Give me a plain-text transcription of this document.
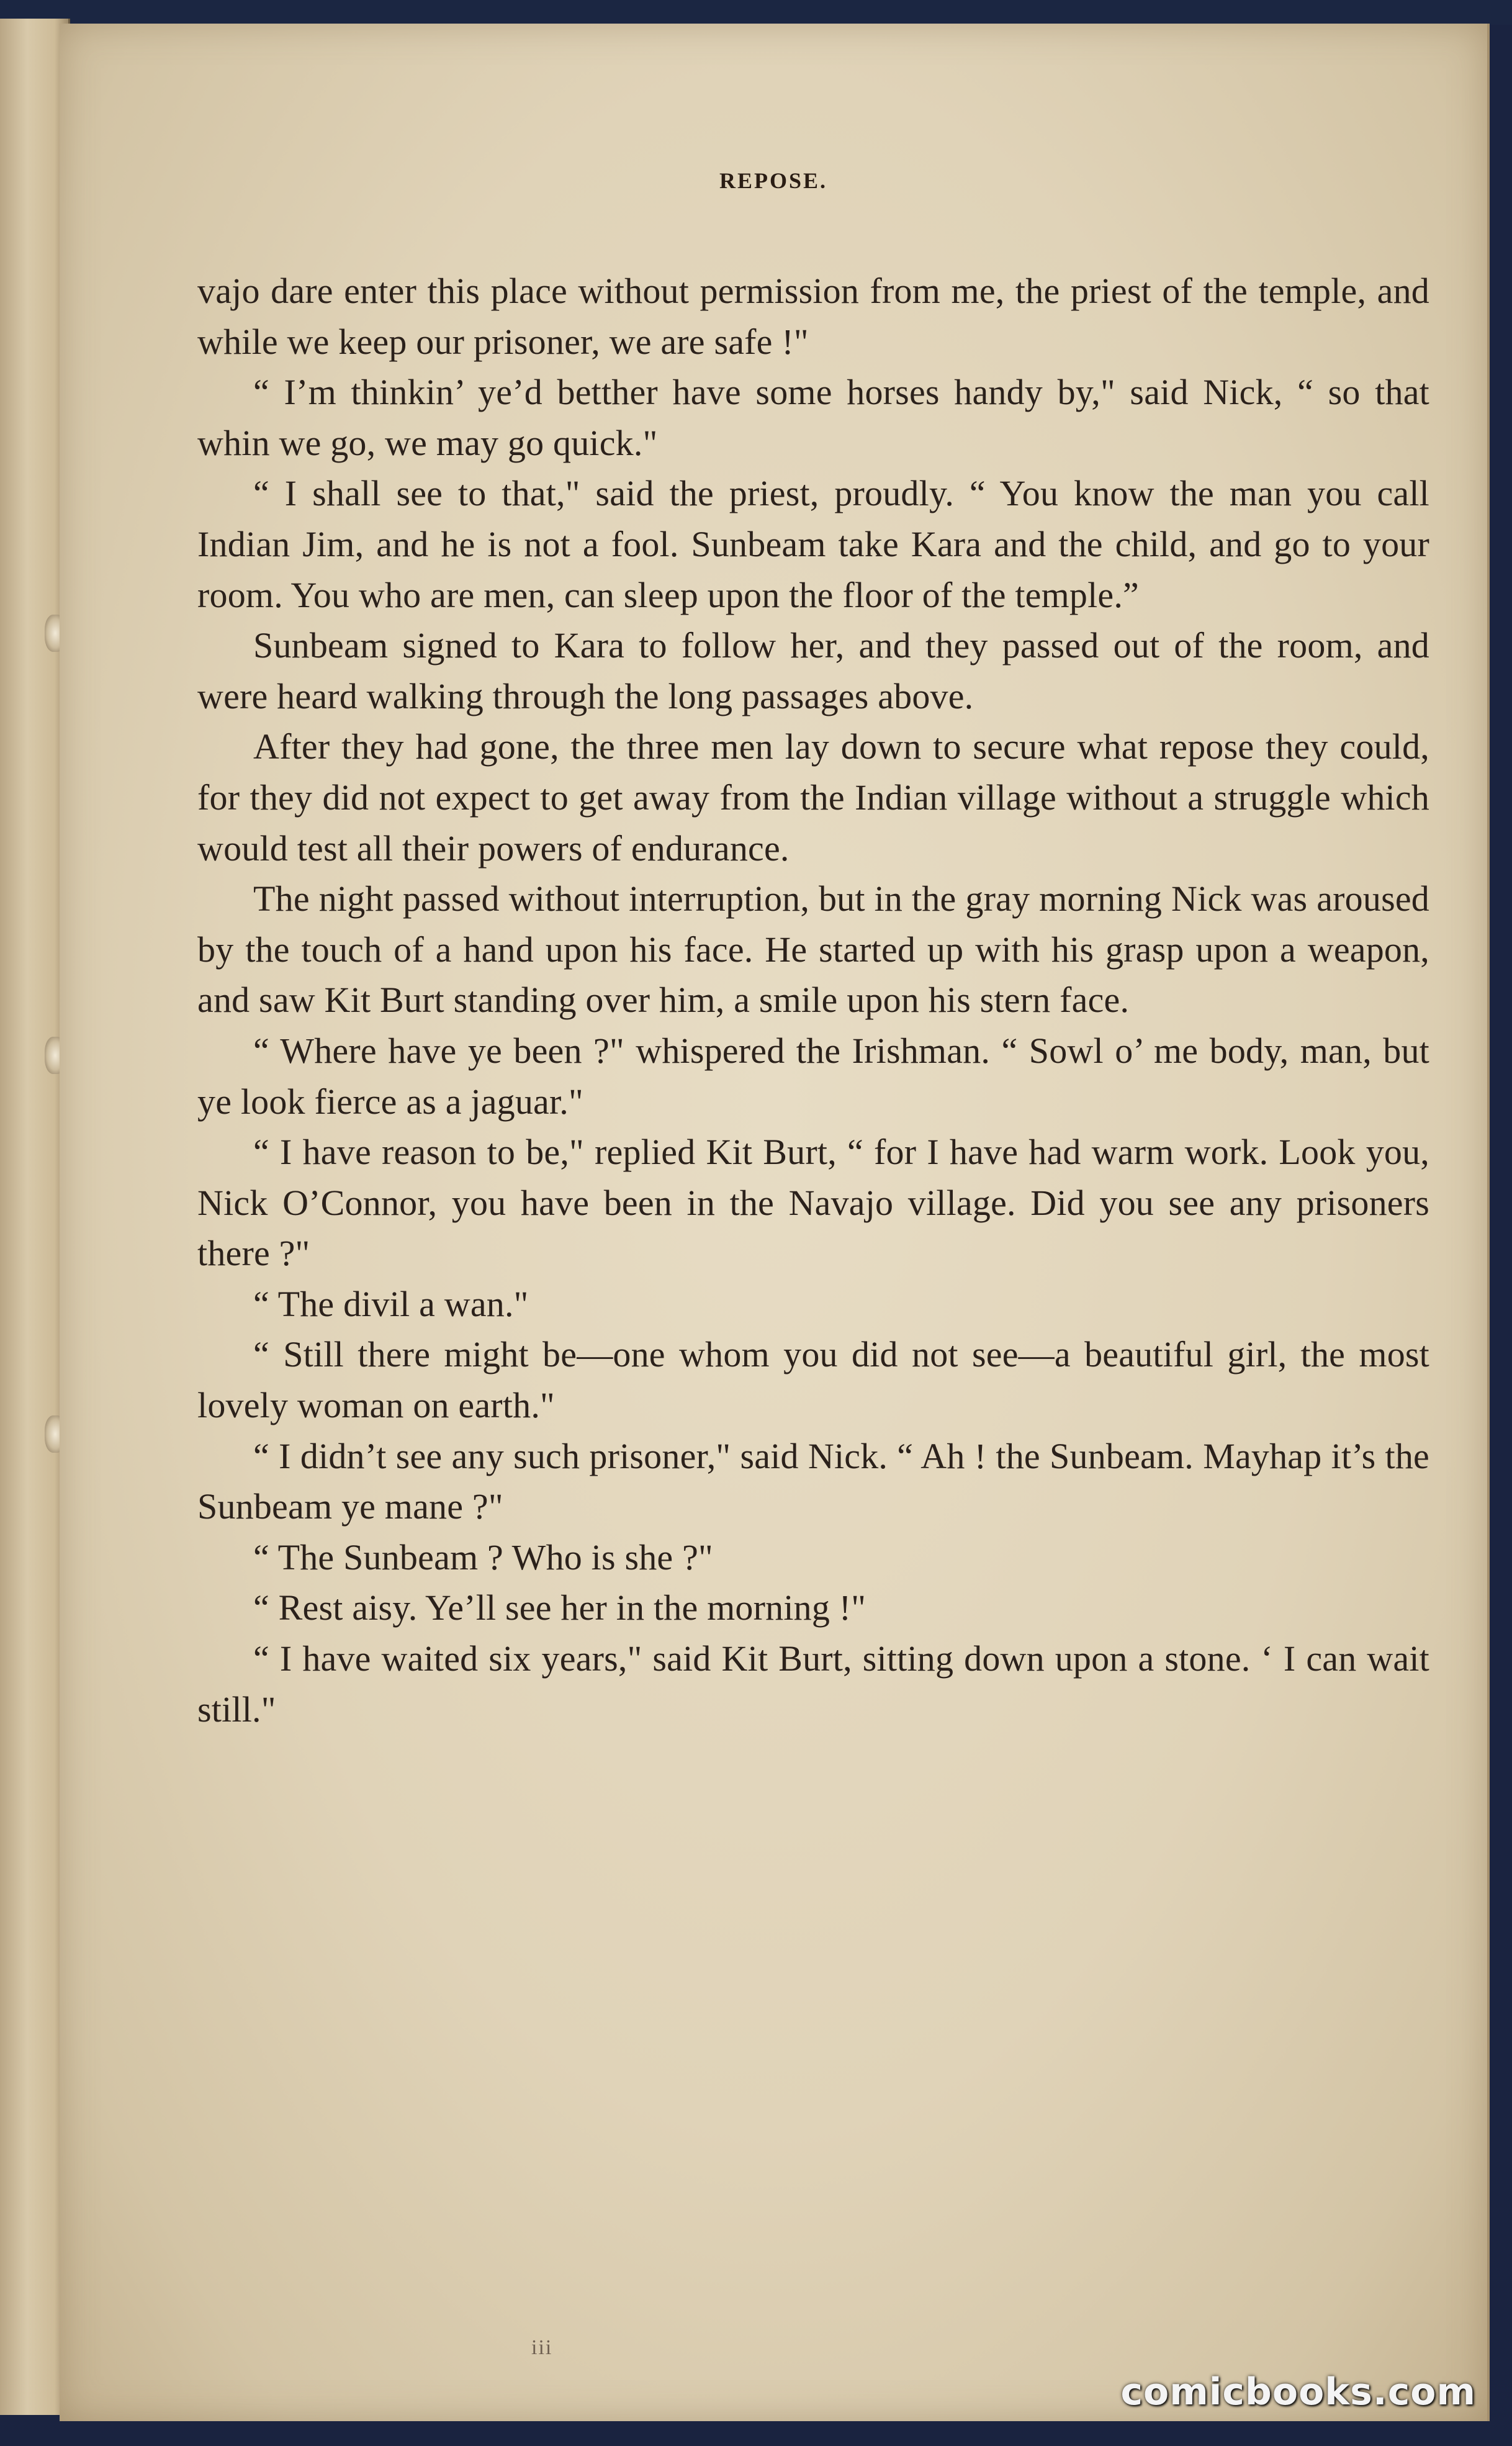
REPOSE.

vajo dare enter this place without permission from me, the priest of the temple, and while we keep our prisoner, we are safe !"

“ I’m thinkin’ ye’d betther have some horses handy by," said Nick, “ so that whin we go, we may go quick."

“ I shall see to that," said the priest, proudly. “ You know the man you call Indian Jim, and he is not a fool. Sunbeam take Kara and the child, and go to your room. You who are men, can sleep upon the floor of the temple.”

Sunbeam signed to Kara to follow her, and they passed out of the room, and were heard walking through the long passages above.

After they had gone, the three men lay down to secure what repose they could, for they did not expect to get away from the Indian village without a struggle which would test all their powers of endurance.

The night passed without interruption, but in the gray morning Nick was aroused by the touch of a hand upon his face. He started up with his grasp upon a weapon, and saw Kit Burt standing over him, a smile upon his stern face.

“ Where have ye been ?" whispered the Irishman. “ Sowl o’ me body, man, but ye look fierce as a jaguar."

“ I have reason to be," replied Kit Burt, “ for I have had warm work. Look you, Nick O’Connor, you have been in the Navajo village. Did you see any prisoners there ?"

“ The divil a wan."

“ Still there might be—one whom you did not see—a beautiful girl, the most lovely woman on earth."

“ I didn’t see any such prisoner," said Nick. “ Ah ! the Sunbeam. Mayhap it’s the Sunbeam ye mane ?"

“ The Sunbeam ? Who is she ?"

“ Rest aisy. Ye’ll see her in the morning !"

“ I have waited six years," said Kit Burt, sitting down upon a stone. ‘ I can wait still."

iii
comicbooks.com
